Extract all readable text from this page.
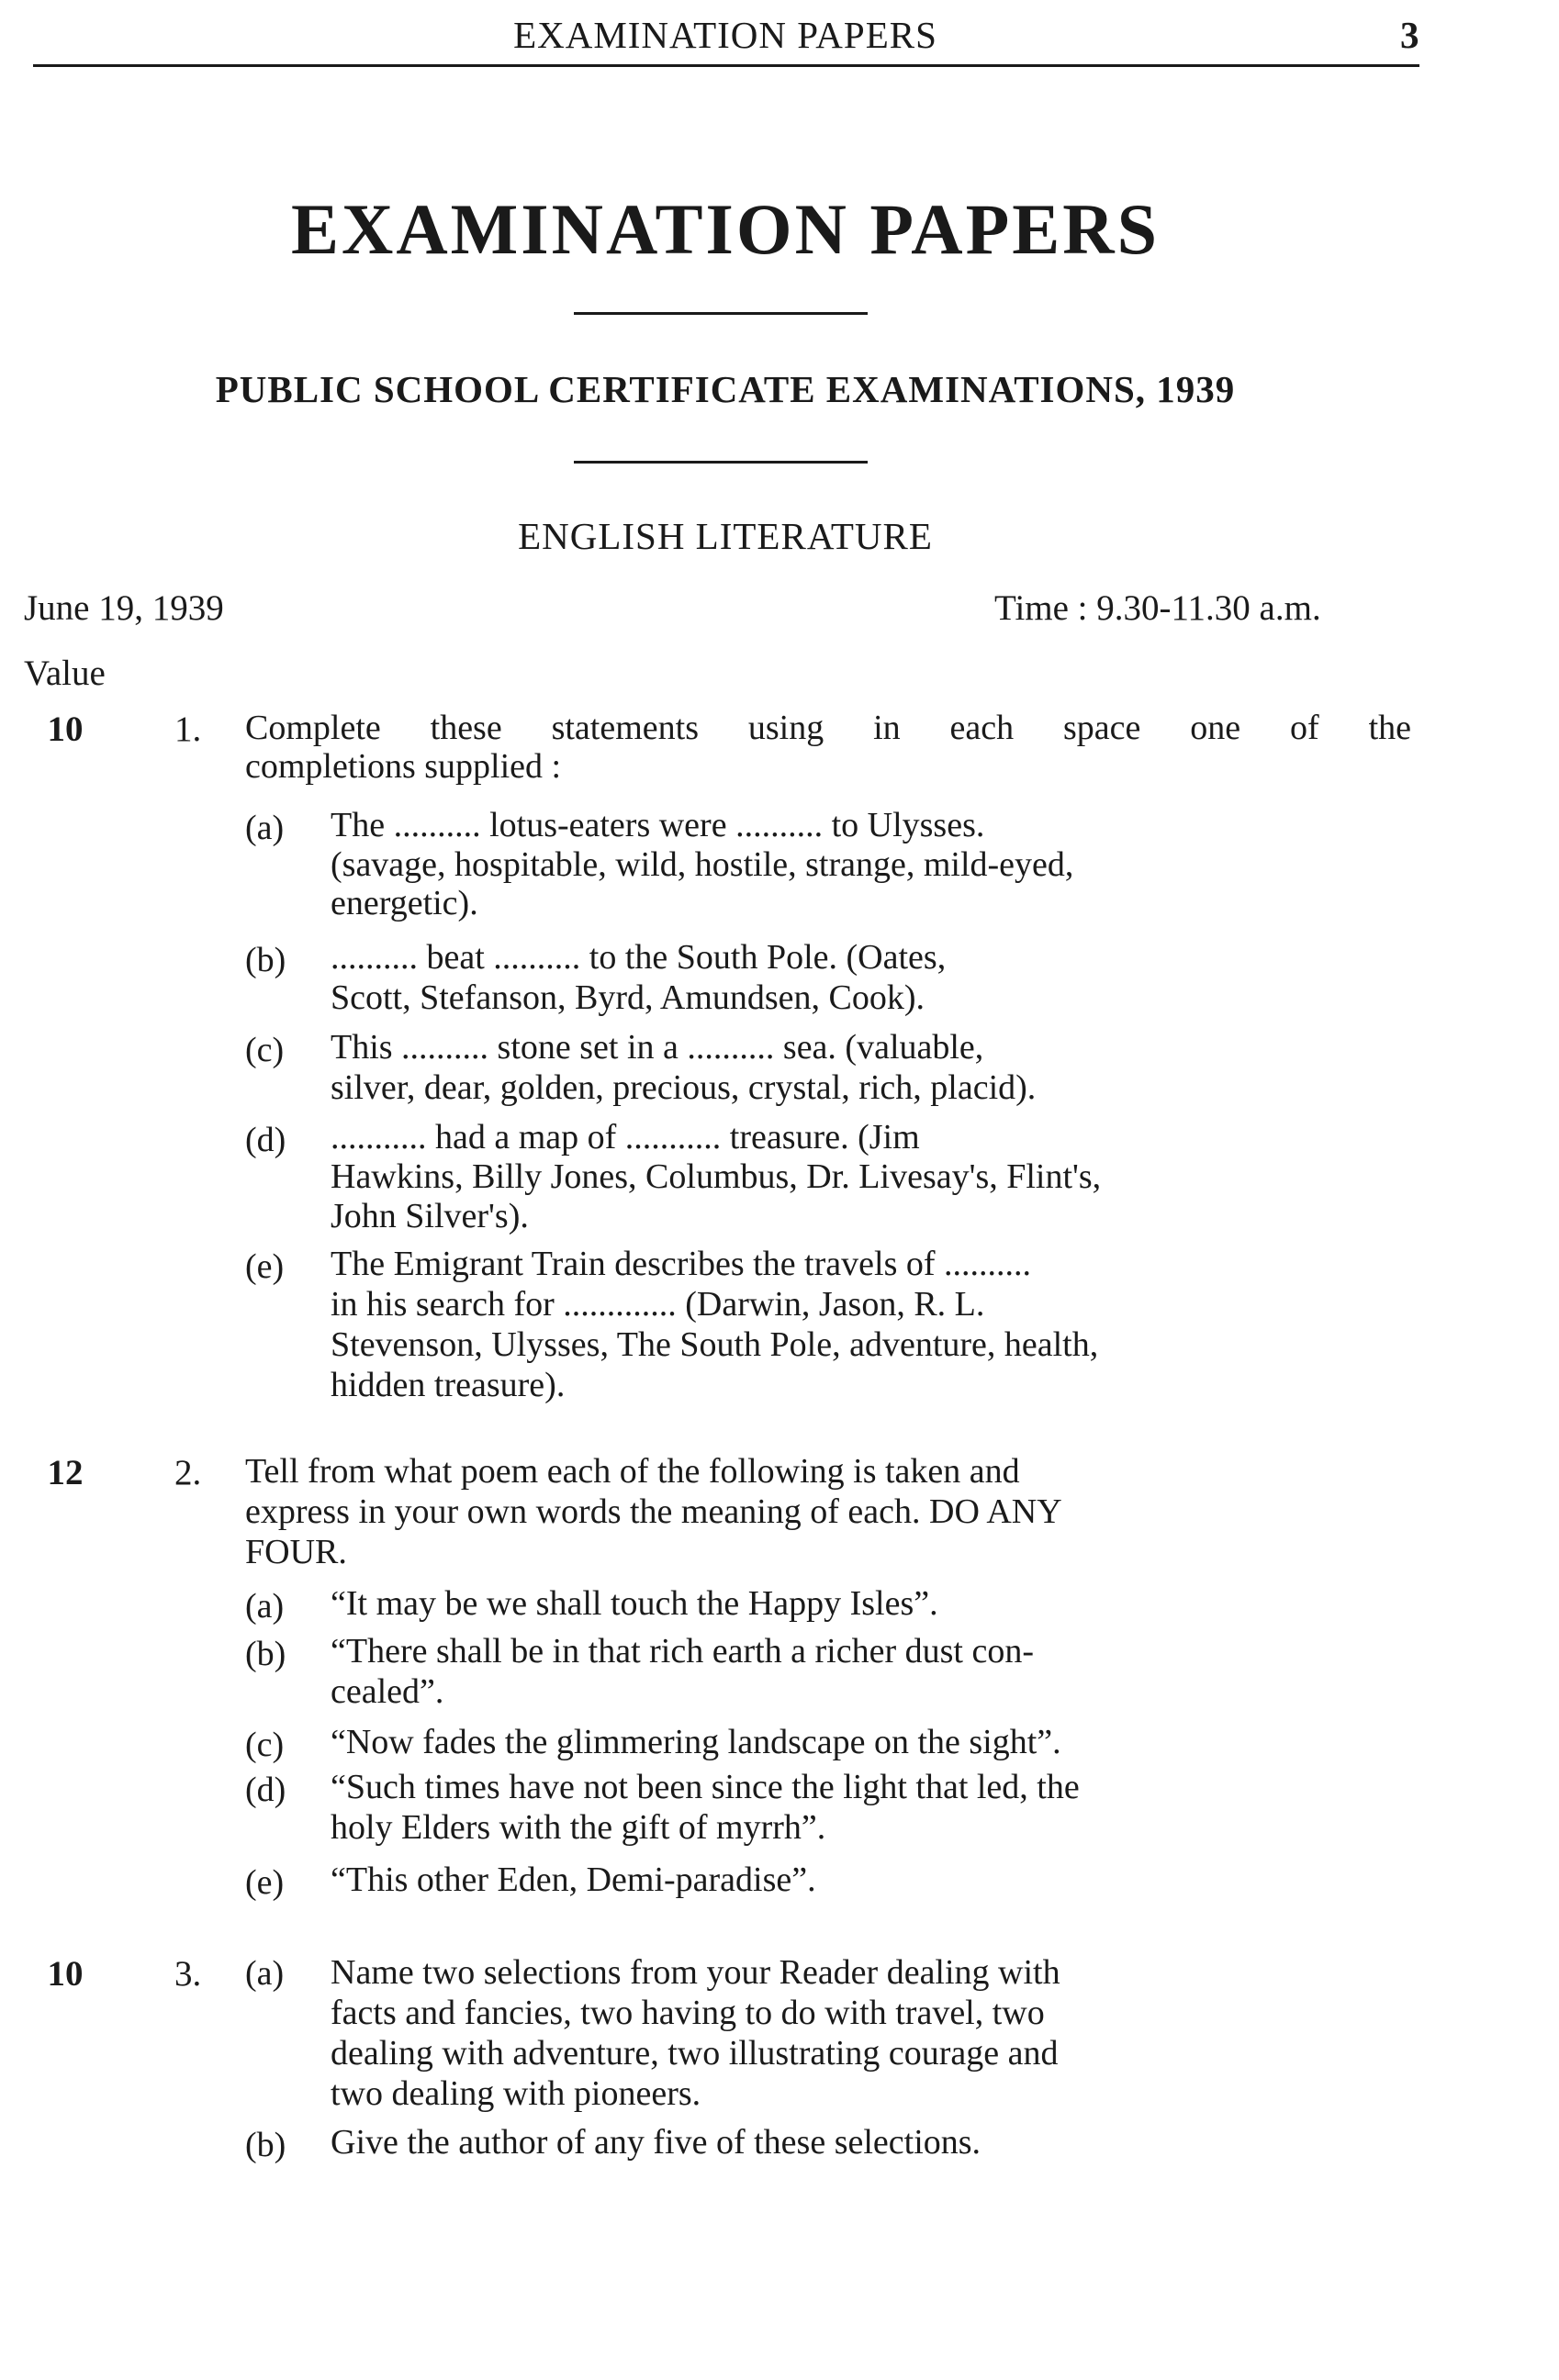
EXAMINATION PAPERS	3
EXAMINATION PAPERS
PUBLIC SCHOOL CERTIFICATE EXAMINATIONS, 1939
ENGLISH LITERATURE
June 19, 1939	Time : 9.30-11.30 a.m.
Value
10	1. Complete these statements using in each space one of the
completions supplied :
(a) The .......... lotus-eaters were .......... to Ulysses.
(savage, hospitable, wild, hostile, strange, mild-eyed,
energetic).
(b) .......... beat .......... to the South Pole. (Oates,
Scott, Stefanson, Byrd, Amundsen, Cook).
(c) This .......... stone set in a .......... sea. (valuable,
silver, dear, golden, precious, crystal, rich, placid).
(d) ........... had a map of ........... treasure. (Jim
Hawkins, Billy Jones, Columbus, Dr. Livesay's, Flint's,
John Silver's).
(e) The Emigrant Train describes the travels of ..........
in his search for ............. (Darwin, Jason, R. L.
Stevenson, Ulysses, The South Pole, adventure, health,
hidden treasure).
12	2. Tell from what poem each of the following is taken and
express in your own words the meaning of each. DO ANY
FOUR.
(a) “It may be we shall touch the Happy Isles”.
(b) “There shall be in that rich earth a richer dust con-
cealed”.
(c) “Now fades the glimmering landscape on the sight”.
(d) “Such times have not been since the light that led, the
holy Elders with the gift of myrrh”.
(e) “This other Eden, Demi-paradise”.
10	3. (a) Name two selections from your Reader dealing with
facts and fancies, two having to do with travel, two
dealing with adventure, two illustrating courage and
two dealing with pioneers.
(b) Give the author of any five of these selections.
